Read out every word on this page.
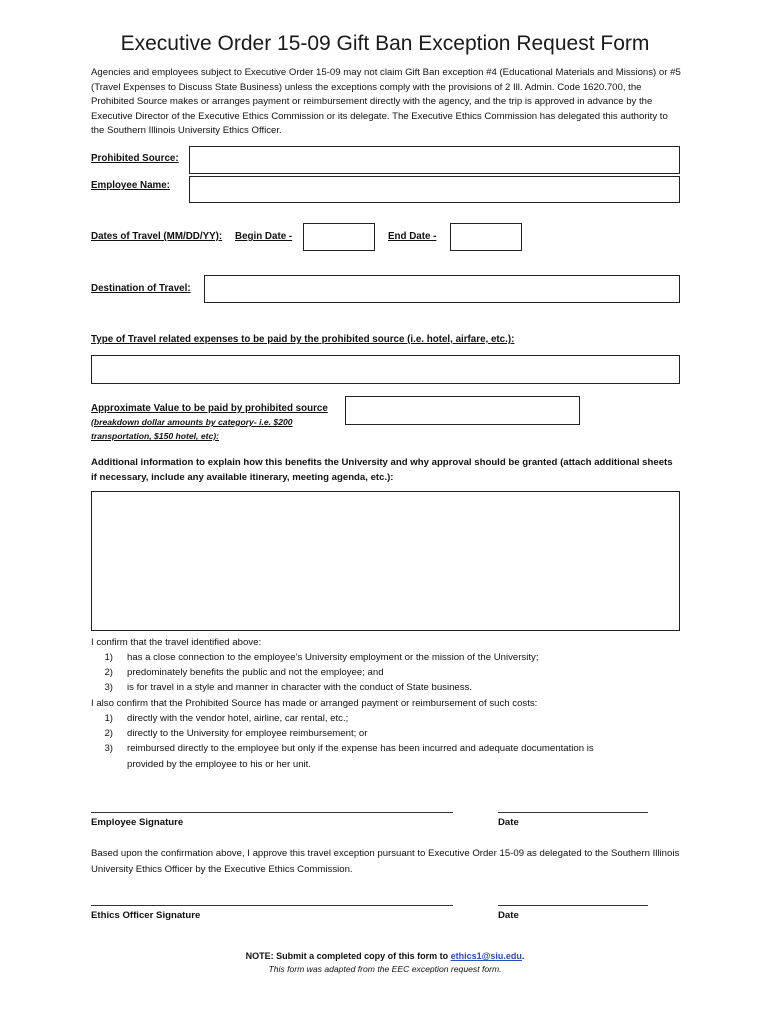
Executive Order 15-09 Gift Ban Exception Request Form
Agencies and employees subject to Executive Order 15-09 may not claim Gift Ban exception #4 (Educational Materials and Missions) or #5 (Travel Expenses to Discuss State Business) unless the exceptions comply with the provisions of 2 Ill. Admin. Code 1620.700, the Prohibited Source makes or arranges payment or reimbursement directly with the agency, and the trip is approved in advance by the Executive Director of the Executive Ethics Commission or its delegate. The Executive Ethics Commission has delegated this authority to the Southern Illinois University Ethics Officer.
Prohibited Source:
Employee Name:
Dates of Travel (MM/DD/YY): Begin Date -	End Date -
Destination of Travel:
Type of Travel related expenses to be paid by the prohibited source (i.e. hotel, airfare, etc.):
Approximate Value to be paid by prohibited source
(breakdown dollar amounts by category- i.e. $200
transportation, $150 hotel, etc):
Additional information to explain how this benefits the University and why approval should be granted (attach additional sheets if necessary, include any available itinerary, meeting agenda, etc.):
I confirm that the travel identified above:
1) has a close connection to the employee’s University employment or the mission of the University;
2) predominately benefits the public and not the employee; and
3) is for travel in a style and manner in character with the conduct of State business.
I also confirm that the Prohibited Source has made or arranged payment or reimbursement of such costs:
1) directly with the vendor hotel, airline, car rental, etc.;
2) directly to the University for employee reimbursement; or
3) reimbursed directly to the employee but only if the expense has been incurred and adequate documentation is
provided by the employee to his or her unit.
Employee Signature	Date
Based upon the confirmation above, I approve this travel exception pursuant to Executive Order 15-09 as delegated to the Southern Illinois University Ethics Officer by the Executive Ethics Commission.
Ethics Officer Signature	Date
NOTE: Submit a completed copy of this form to ethics1@siu.edu.
This form was adapted from the EEC exception request form.
